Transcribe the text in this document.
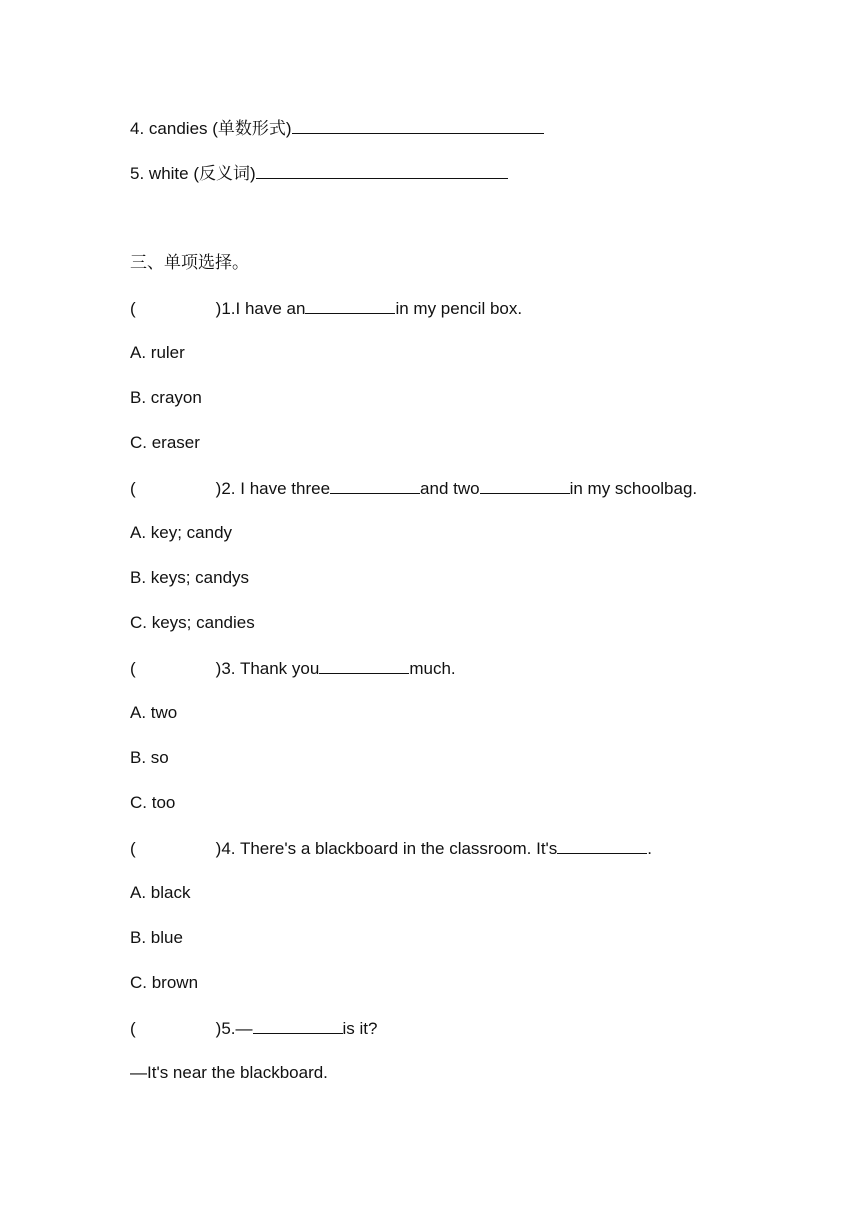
4. candies (单数形式)
5. white (反义词)
三、单项选择。
(	)1.I have an	in my pencil box.
A. ruler
B. crayon
C. eraser
(	)2. I have three	and two	in my schoolbag.
A. key; candy
B. keys; candys
C. keys; candies
(	)3. Thank you	much.
A. two
B. so
C. too
(	)4. There's a blackboard in the classroom. It's	.
A. black
B. blue
C. brown
(	)5.—	is it?
—It's near the blackboard.
